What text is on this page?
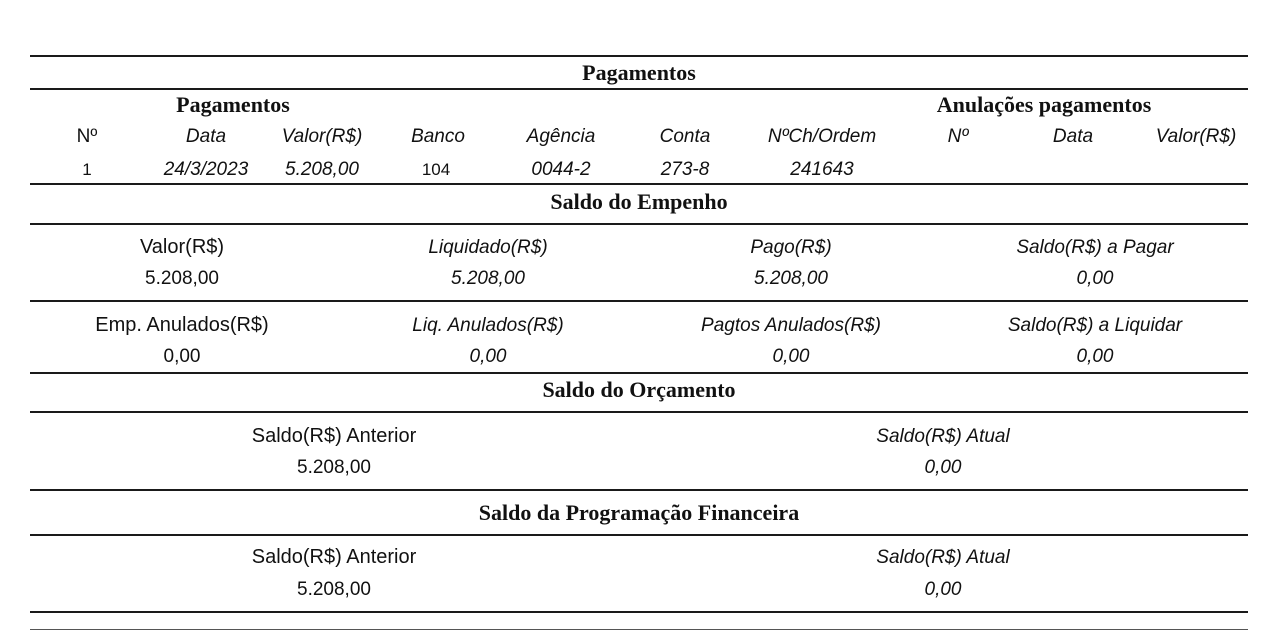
Pagamentos
Pagamentos	Anulações pagamentos
Nº	Data	Valor(R$)	Banco	Agência	Conta	NºCh/Ordem	Nº	Data	Valor(R$)
1	24/3/2023 5.208,00	104	0044-2	273-8	241643
Saldo do Empenho
Valor(R$)	Liquidado(R$)	Pago(R$)	Saldo(R$) a Pagar
5.208,00	5.208,00	5.208,00	0,00
Emp. Anulados(R$)	Liq. Anulados(R$)	Pagtos Anulados(R$)	Saldo(R$) a Liquidar
0,00	0,00	0,00	0,00
Saldo do Orçamento
Saldo(R$) Anterior	Saldo(R$) Atual
5.208,00	0,00
Saldo da Programação Financeira
Saldo(R$) Anterior	Saldo(R$) Atual
5.208,00	0,00
